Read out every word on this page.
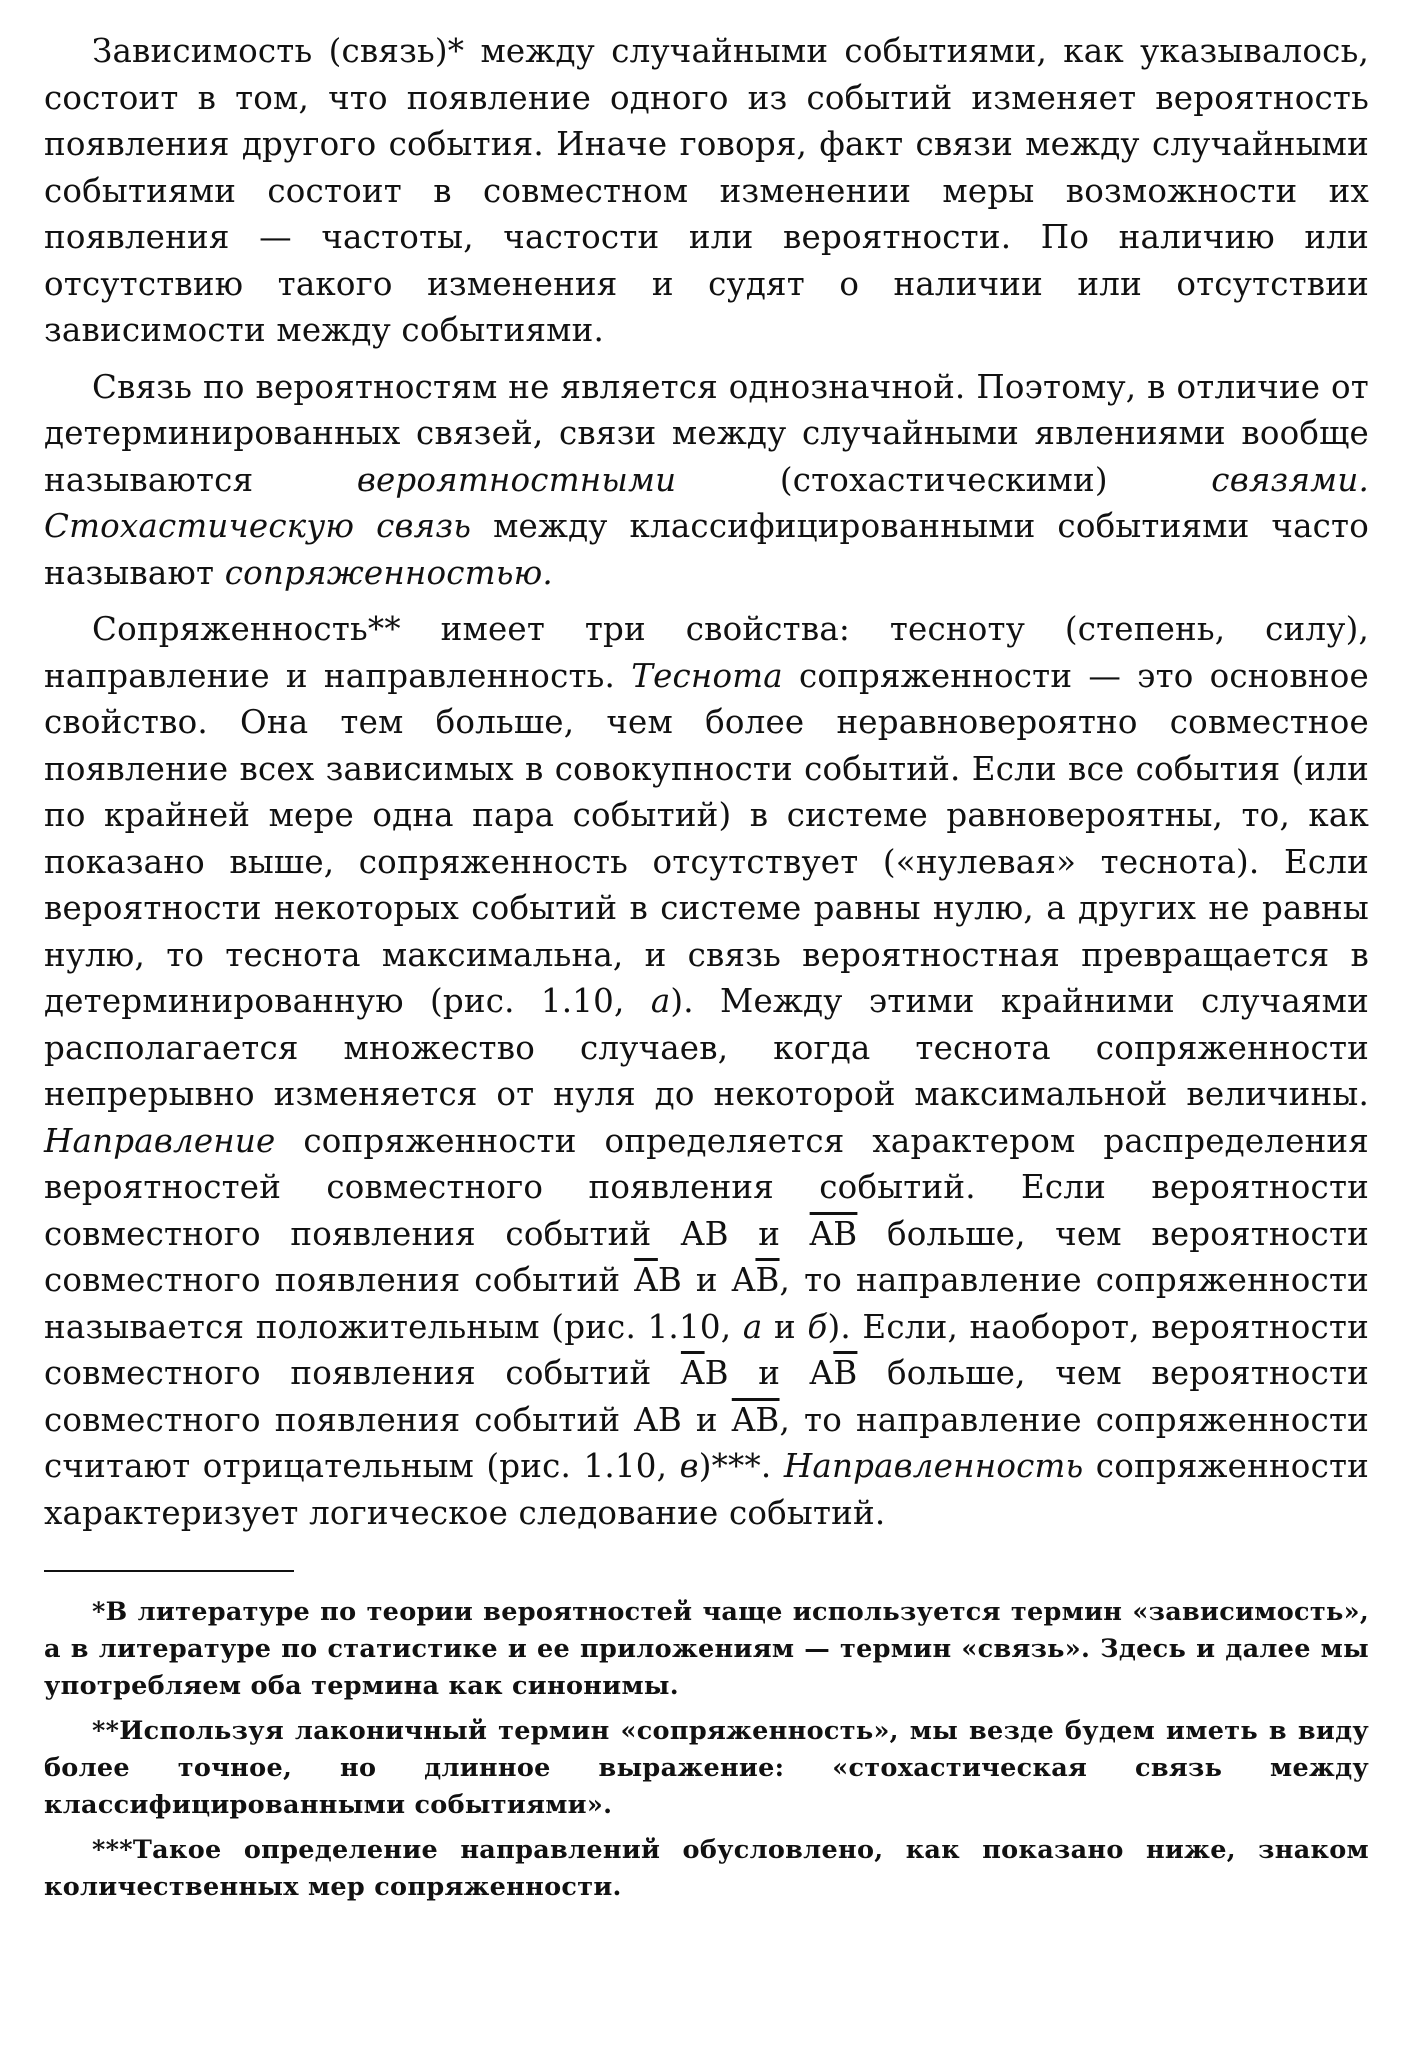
Зависимость (связь)* между случайными событиями, как указывалось, состоит в том, что появление одного из событий изменяет вероятность появления другого события. Иначе говоря, факт связи между случайными событиями состоит в совместном изменении меры возможности их появления — частоты, частости или вероятности. По наличию или отсутствию такого изменения и судят о наличии или отсутствии зависимости между событиями.

Связь по вероятностям не является однозначной. Поэтому, в отличие от детерминированных связей, связи между случайными явлениями вообще называются вероятностными (стохастическими) связями. Стохастическую связь между классифицированными событиями часто называют сопряженностью.

Сопряженность** имеет три свойства: тесноту (степень, силу), направление и направленность. Теснота сопряженности — это основное свойство. Она тем больше, чем более неравновероятно совместное появление всех зависимых в совокупности событий. Если все события (или по крайней мере одна пара событий) в системе равновероятны, то, как показано выше, сопряженность отсутствует («нулевая» теснота). Если вероятности некоторых событий в системе равны нулю, а других не равны нулю, то теснота максимальна, и связь вероятностная превращается в детерминированную (рис. 1.10, а). Между этими крайними случаями располагается множество случаев, когда теснота сопряженности непрерывно изменяется от нуля до некоторой максимальной величины. Направление сопряженности определяется характером распределения вероятностей совместного появления событий. Если вероятности совместного появления событий AB и $\overline{AB}$ больше, чем вероятности совместного появления событий $\overline{A}B$ и $A\overline{B}$, то направление сопряженности называется положительным (рис. 1.10, а и б). Если, наоборот, вероятности совместного появления событий $\overline{A}B$ и $A\overline{B}$ больше, чем вероятности совместного появления событий AB и $\overline{AB}$, то направление сопряженности считают отрицательным (рис. 1.10, в)***. Направленность сопряженности характеризует логическое следование событий.

*В литературе по теории вероятностей чаще используется термин «зависимость», а в литературе по статистике и ее приложениям — термин «связь». Здесь и далее мы употребляем оба термина как синонимы.

**Используя лаконичный термин «сопряженность», мы везде будем иметь в виду более точное, но длинное выражение: «стохастическая связь между классифицированными событиями».

***Такое определение направлений обусловлено, как показано ниже, знаком количественных мер сопряженности.
